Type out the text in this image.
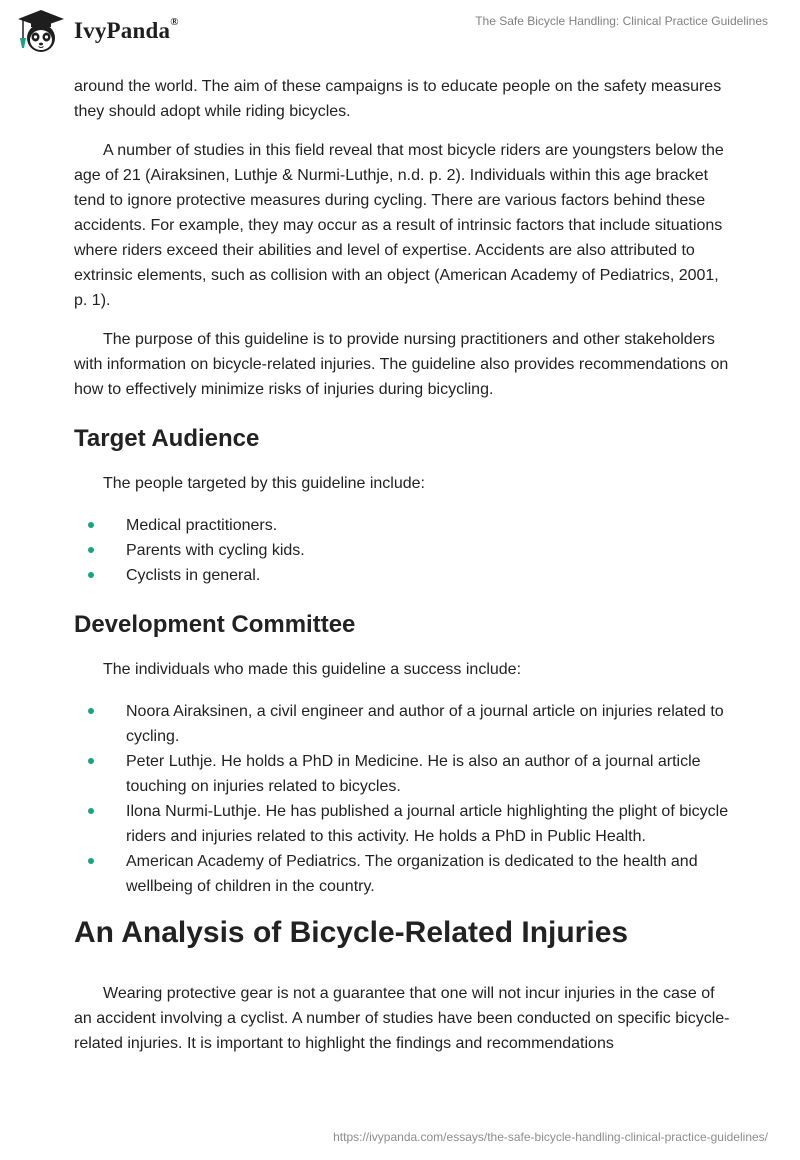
IvyPanda®	The Safe Bicycle Handling: Clinical Practice Guidelines

around the world. The aim of these campaigns is to educate people on the safety measures they should adopt while riding bicycles.

A number of studies in this field reveal that most bicycle riders are youngsters below the age of 21 (Airaksinen, Luthje & Nurmi-Luthje, n.d. p. 2). Individuals within this age bracket tend to ignore protective measures during cycling. There are various factors behind these accidents. For example, they may occur as a result of intrinsic factors that include situations where riders exceed their abilities and level of expertise. Accidents are also attributed to extrinsic elements, such as collision with an object (American Academy of Pediatrics, 2001, p. 1).

The purpose of this guideline is to provide nursing practitioners and other stakeholders with information on bicycle-related injuries. The guideline also provides recommendations on how to effectively minimize risks of injuries during bicycling.

Target Audience

The people targeted by this guideline include:

Medical practitioners.
Parents with cycling kids.
Cyclists in general.
Development Committee

The individuals who made this guideline a success include:

Noora Airaksinen, a civil engineer and author of a journal article on injuries related to cycling.
Peter Luthje. He holds a PhD in Medicine. He is also an author of a journal article touching on injuries related to bicycles.
Ilona Nurmi-Luthje. He has published a journal article highlighting the plight of bicycle riders and injuries related to this activity. He holds a PhD in Public Health.
American Academy of Pediatrics. The organization is dedicated to the health and wellbeing of children in the country.
An Analysis of Bicycle-Related Injuries

Wearing protective gear is not a guarantee that one will not incur injuries in the case of an accident involving a cyclist. A number of studies have been conducted on specific bicycle-related injuries. It is important to highlight the findings and recommendations

https://ivypanda.com/essays/the-safe-bicycle-handling-clinical-practice-guidelines/
